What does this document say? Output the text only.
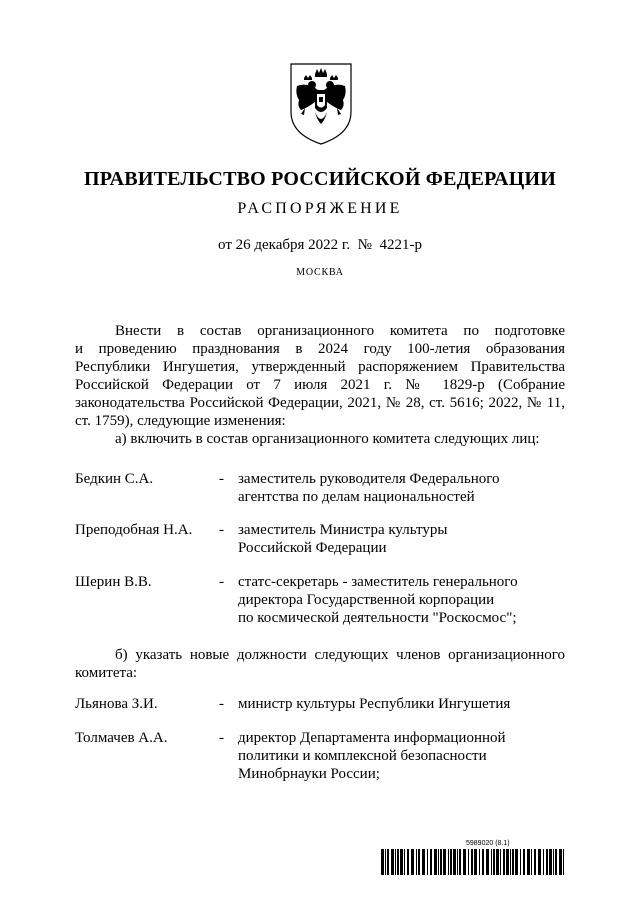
ПРАВИТЕЛЬСТВО РОССИЙСКОЙ ФЕДЕРАЦИИ
РАСПОРЯЖЕНИЕ
от 26 декабря 2022 г. №  4221-р
МОСКВА
Внести в состав организационного комитета по подготовке
и проведению празднования в 2024 году 100-летия образования
Республики Ингушетия, утвержденный распоряжением Правительства
Российской Федерации от 7 июля 2021 г. № 1829-р (Собрание
законодательства Российской Федерации, 2021, № 28, ст. 5616; 2022, № 11,
ст. 1759), следующие изменения:
а) включить в состав организационного комитета следующих лиц:
Бедкин С.А.	- заместитель руководителя Федерального
агентства по делам национальностей
Преподобная Н.А. - заместитель Министра культуры
Российской Федерации
Шерин В.В.	- статс-секретарь - заместитель генерального
директора Государственной корпорации
по космической деятельности "Роскосмос";
б) указать новые должности следующих членов организационного
комитета:
Льянова З.И.	- министр культуры Республики Ингушетия
Толмачев А.А.	- директор Департамента информационной
политики и комплексной безопасности
Минобрнауки России;
5989020 (8.1)
